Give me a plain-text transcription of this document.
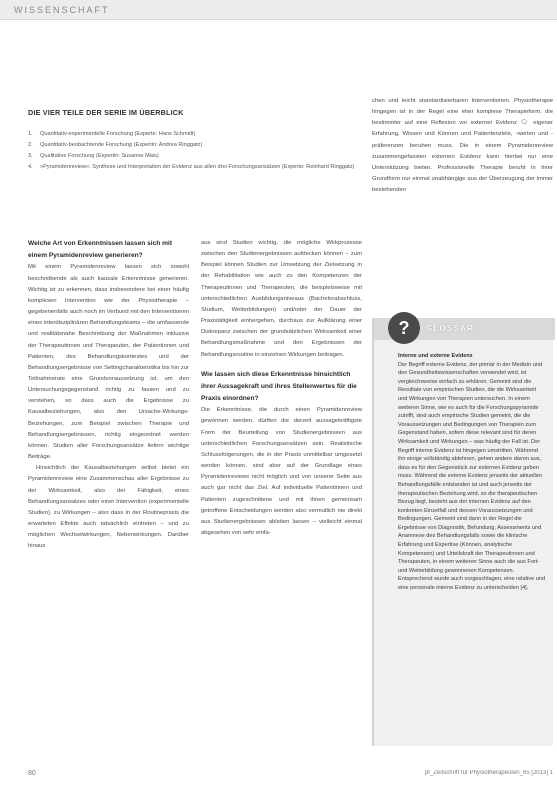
WISSENSCHAFT
DIE VIER TEILE DER SERIE IM ÜBERBLICK
1.	Quantitativ-experimentelle Forschung (Experte: Hans Schmidt)
2.	Quantitativ-beobachtende Forschung (Expertin: Andrea Ringgatz)
3.	Qualitative Forschung (Expertin: Susanne Mais)
4.	»Pyramidenreview«: Synthese und Interpretation der Evidenz aus allen drei Forschungsansätzen (Experte: Reinhard Ringgatz)
Welche Art von Erkenntnissen lassen sich mit einem Pyramidenreview generieren?

Mit einem Pyramidenreview lassen sich sowohl beschreibende als auch kausale Erkenntnisse generieren. Wichtig ist zu erkennen, dass insbesondere bei einer häufig komplexen Intervention wie der Physiotherapie – gegebenenfalls auch noch im Verbund mit den Interventionen eines interdisziplinären Behandlungsteams – die umfassende und realitätsnahe Beschreibung der Maßnahmen inklusive der Therapeutinnen und Therapeuten, der Patientinnen und Patienten, des Behandlungskontextes und der Behandlungsergebnisse von Settingcharakteristika bis hin zur Teilnahmerate eine Grundvoraussetzung ist, um den Untersuchungsgegenstand richtig zu fassen und zu verstehen, so dass auch die Ergebnisse zu Kausalbeziehungen, also den Ursache-Wirkungs-Beziehungen, zum Beispiel zwischen Therapie und Behandlungsergebnissen, richtig eingeordnet werden können. Studien aller Forschungsansätze liefern wichtige Beiträge.

Hinsichtlich der Kausalbeziehungen selbst bietet ein Pyramidenreview eine Zusammenschau aller Ergebnisse zu der Wirksamkeit, also der Fähigkeit, eines Behandlungsansatzes oder einer Intervention (experimentelle Studien), zu Wirkungen – also dass in der Routinepraxis die erwarteten Effekte auch tatsächlich eintreten – und zu möglichen Wechselwirkungen, Nebenwirkungen. Darüber hinaus

aus sind Studien wichtig, die mögliche Wirkprozesse zwischen den Studienergebnissen aufdecken können – zum Beispiel können Studien zur Umsetzung der Zielsetzung in der Rehabilitation wie auch zu den Kompetenzen der Therapeutinnen und Therapeuten, die beispielsweise mit unterschiedlichen Ausbildungsniveaus (Bachelorabschluss, Studium, Weiterbildungen) und/oder der Dauer der Praxistätigkeit einhergehen, durchaus zur Aufklärung einer Diskrepanz zwischen der grundsätzlichen Wirksamkeit einer Behandlungsmaßnahme und den Ergebnissen der Behandlungsroutine in einzelnen Wirkungen beitragen.

Wie lassen sich diese Erkenntnisse hinsichtlich ihrer Aussagekraft und ihres Stellenwertes für die Praxis einordnen?

Die Erkenntnisse, die durch einen Pyramidenreview gewonnen werden, dürften die derzeit aussagekräftigste Form der Beurteilung von Studienergebnissen aus unterschiedlichen Forschungsansätzen sein. Realistische Schlussfolgerungen, die in der Praxis unmittelbar umgesetzt werden können, sind aber auf der Grundlage eines Pyramidenreviews nicht möglich und von unserer Seite aus auch gar nicht das Ziel. Auf individuelle Patientinnen und Patienten zugeschnittene und mit ihnen gemeinsam getroffene Entscheidungen werden also vermutlich nie direkt aus Studienergebnissen ableiten lassen – vielleicht einmal abgesehen von sehr einfa-

chen und leicht standardisierbaren Interventionen. Physiotherapie hingegen ist in der Regel eine eher komplexe Therapieform, die bestimmter auf eine Reflexion vor externer Evidenz 🗨 eigener Erfahrung, Wissen und Können und Patientenziele, -werten und -präferenzen beruhen muss. Die in einem Pyramidenreview zusammengefassten externen Evidenz kann hierbei nur eine Unterstützung bieten. Professionelle Therapie beruht in ihrer Grundform nur einmal unabhängige aus der Überzeugung der immer bestehenden

?	GLOSSAR
Interne und externe Evidenz
Der Begriff externe Evidenz, der primär in der Medizin und den Gesundheitswissenschaften verwendet wird, ist vergleichsweise einfach zu erklären. Gemeint sind die Resultate von empirischen Studien, die die Wirksamkeit und Wirkungen von Therapien untersuchen. In einem weiteren Sinne, wie es auch für die Forschungspyramide zutrifft, sind auch empirische Studien gemeint, die die Voraussetzungen und Bedingungen von Therapien zum Gegenstand haben, sofern diese relevant sind für deren Wirksamkeit und Wirkungen – was häufig der Fall ist. Der Begriff interne Evidenz ist hingegen umstritten. Während ihn einige vollständig ablehnen, gehen andere davon aus, dass es für den Gegenstück zur externen Evidenz geben muss. Während die externe Evidenz jenseits der aktuellen Behandlungsfälle entstanden ist und auch jenseits der therapeutischen Beziehung wird, so die therapeutischen Bezug liegt, besteht aus der internen Evidenz auf den konkreten Einzelfall und dessen Voraussetzungen und Bedingungen. Gemeint sind dann in der Regel die Ergebnisse von Diagnostik, Befundung, Assessments und Anamnese des Behandlungsfalls sowie die klinische Erfahrung und Expertise (Können, analytische Kompetenzen) und Urteilskraft der Therapeutinnen und Therapeuten, in einem weiteren Sinne auch die aus Fort- und Weiterbildung gewonnenen Kompetenzen. Entsprechend wurde auch vorgeschlagen, eine relative und eine personale interne Evidenz zu unterscheiden [4].
80	pt_Zeitschrift für Physiotherapeuten_65 [2013] 1
